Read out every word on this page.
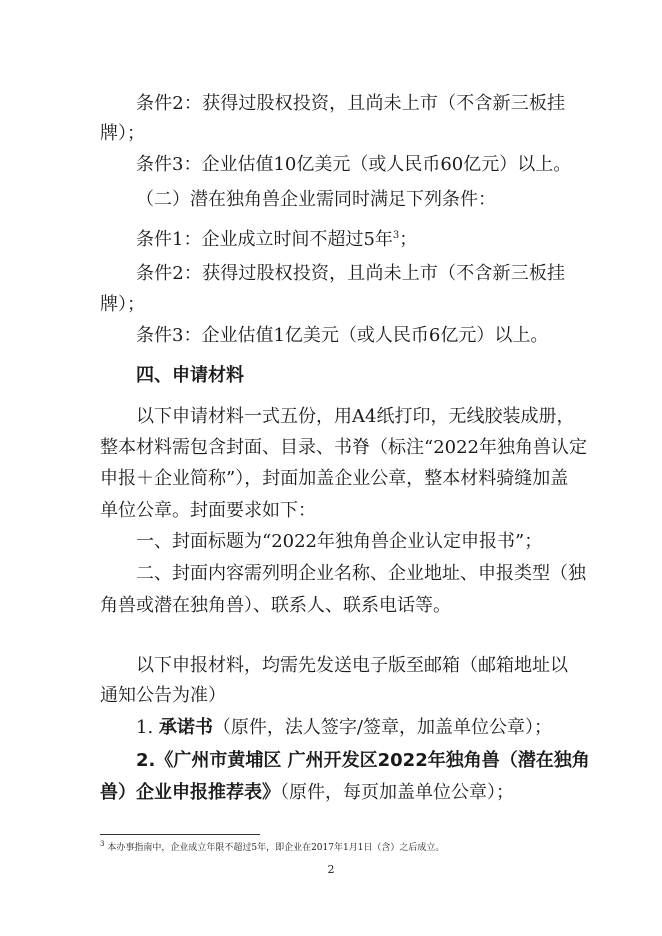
条件2：获得过股权投资，且尚未上市（不含新三板挂
牌）；
条件3：企业估值10亿美元（或人民币60亿元）以上。
（二）潜在独角兽企业需同时满足下列条件：
条件1：企业成立时间不超过5年$^3$；
条件2：获得过股权投资，且尚未上市（不含新三板挂
牌）；
条件3：企业估值1亿美元（或人民币6亿元）以上。
四、申请材料
以下申请材料一式五份，用A4纸打印，无线胶装成册，
整本材料需包含封面、目录、书脊（标注“2022年独角兽认定
申报＋企业简称”），封面加盖企业公章，整本材料骑缝加盖
单位公章。封面要求如下：
一、封面标题为“2022年独角兽企业认定申报书”；
二、封面内容需列明企业名称、企业地址、申报类型（独
角兽或潜在独角兽）、联系人、联系电话等。
以下申报材料，均需先发送电子版至邮箱（邮箱地址以
通知公告为准）
1. 承诺书（原件，法人签字/签章，加盖单位公章）；
2.《广州市黄埔区 广州开发区2022年独角兽（潜在独角
兽）企业申报推荐表》（原件，每页加盖单位公章）；
$^3$ 本办事指南中，企业成立年限不超过5年，即企业在2017年1月1日（含）之后成立。
2
